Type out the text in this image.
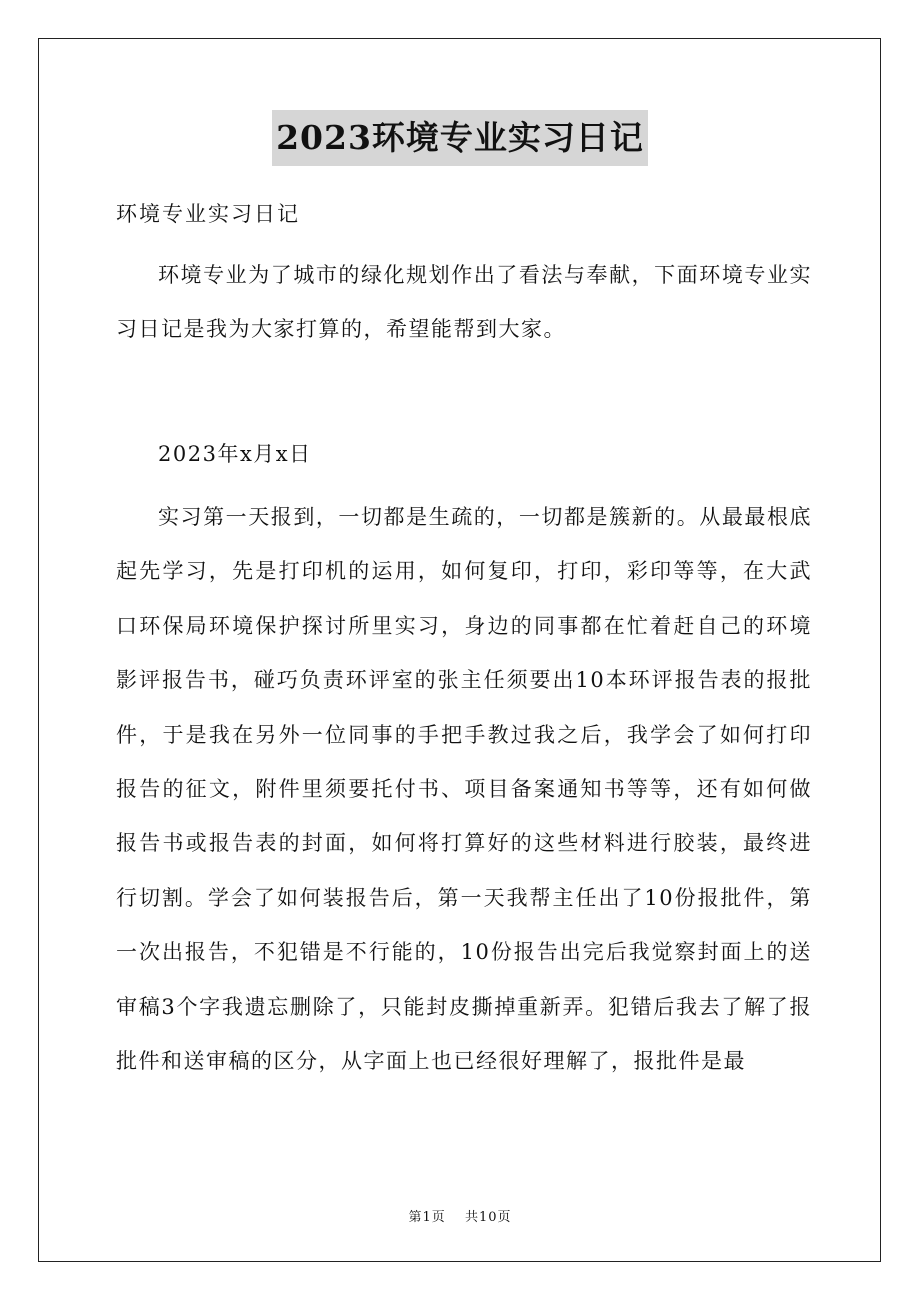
2023环境专业实习日记
环境专业实习日记

环境专业为了城市的绿化规划作出了看法与奉献，下面环境专业实习日记是我为大家打算的，希望能帮到大家。

2023年x月x日

实习第一天报到，一切都是生疏的，一切都是簇新的。从最最根底起先学习，先是打印机的运用，如何复印，打印，彩印等等，在大武口环保局环境保护探讨所里实习，身边的同事都在忙着赶自己的环境影评报告书，碰巧负责环评室的张主任须要出10本环评报告表的报批件，于是我在另外一位同事的手把手教过我之后，我学会了如何打印报告的征文，附件里须要托付书、项目备案通知书等等，还有如何做报告书或报告表的封面，如何将打算好的这些材料进行胶装，最终进行切割。学会了如何装报告后，第一天我帮主任出了10份报批件，第一次出报告，不犯错是不行能的，10份报告出完后我觉察封面上的送审稿3个字我遗忘删除了，只能封皮撕掉重新弄。犯错后我去了解了报批件和送审稿的区分，从字面上也已经很好理解了，报批件是最

第1页 共10页
